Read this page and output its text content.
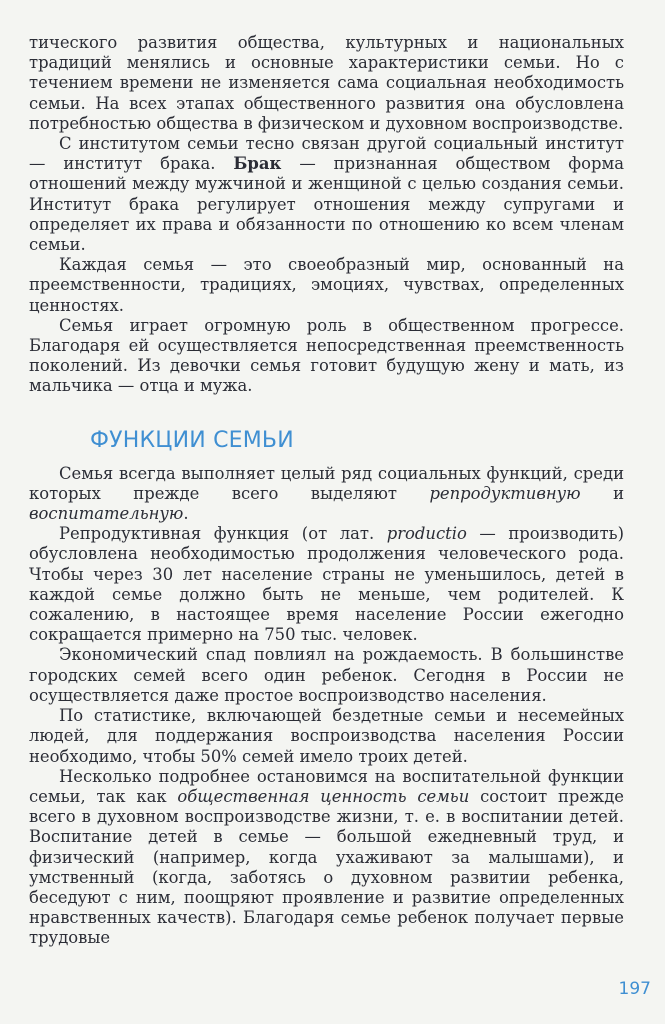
тического развития общества, культурных и национальных традиций менялись и основные характеристики семьи. Но с течением времени не изменяется сама социальная необходимость семьи. На всех этапах общественного развития она обусловлена потребностью общества в физическом и духовном воспроизводстве.

С институтом семьи тесно связан другой социальный институт — институт брака. Брак — признанная обществом форма отношений между мужчиной и женщиной с целью создания семьи. Институт брака регулирует отношения между супругами и определяет их права и обязанности по отношению ко всем членам семьи.

Каждая семья — это своеобразный мир, основанный на преемственности, традициях, эмоциях, чувствах, определенных ценностях.

Семья играет огромную роль в общественном прогрессе. Благодаря ей осуществляется непосредственная преемственность поколений. Из девочки семья готовит будущую жену и мать, из мальчика — отца и мужа.

ФУНКЦИИ СЕМЬИ

Семья всегда выполняет целый ряд социальных функций, среди которых прежде всего выделяют репродуктивную и воспитательную.

Репродуктивная функция (от лат. productio — производить) обусловлена необходимостью продолжения человеческого рода. Чтобы через 30 лет население страны не уменьшилось, детей в каждой семье должно быть не меньше, чем родителей. К сожалению, в настоящее время население России ежегодно сокращается примерно на 750 тыс. человек.

Экономический спад повлиял на рождаемость. В большинстве городских семей всего один ребенок. Сегодня в России не осуществляется даже простое воспроизводство населения.

По статистике, включающей бездетные семьи и несемейных людей, для поддержания воспроизводства населения России необходимо, чтобы 50% семей имело троих детей.

Несколько подробнее остановимся на воспитательной функции семьи, так как общественная ценность семьи состоит прежде всего в духовном воспроизводстве жизни, т. е. в воспитании детей. Воспитание детей в семье — большой ежедневный труд, и физический (например, когда ухаживают за малышами), и умственный (когда, заботясь о духовном развитии ребенка, беседуют с ним, поощряют проявление и развитие определенных нравственных качеств). Благодаря семье ребенок получает первые трудовые

197
